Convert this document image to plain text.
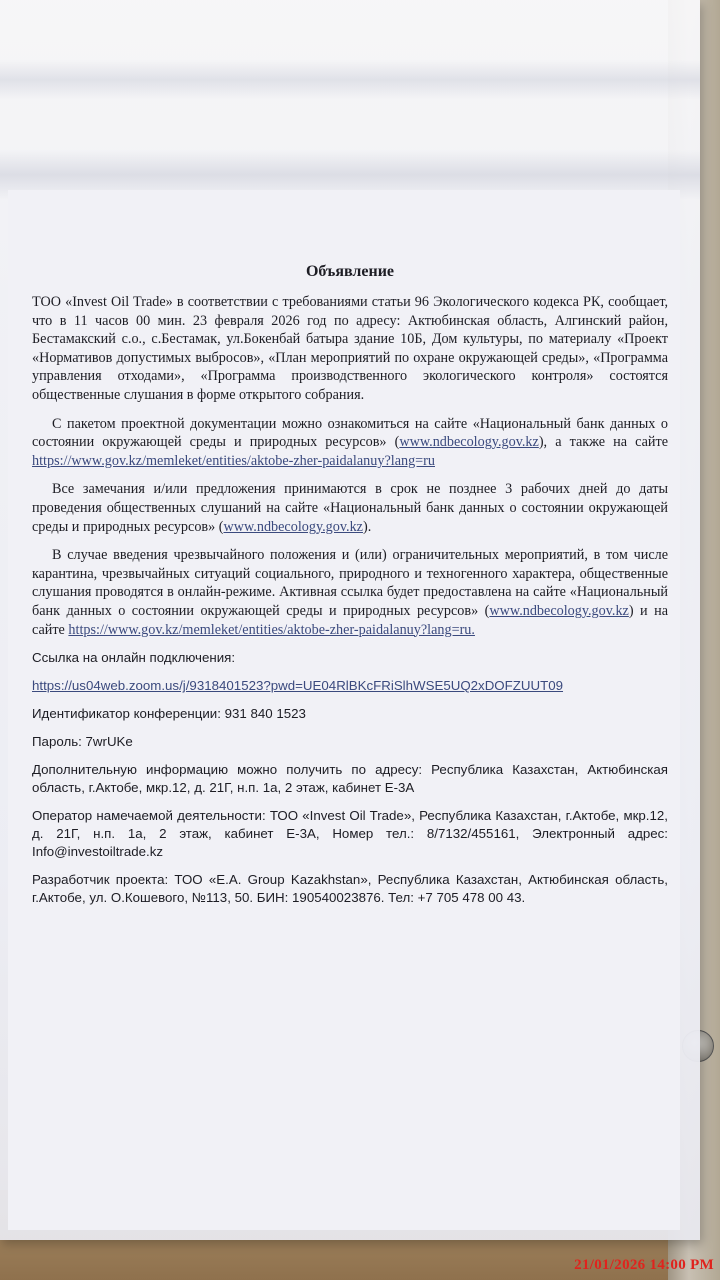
Объявление

ТОО «Invest Oil Trade» в соответствии с требованиями статьи 96 Экологического кодекса РК, сообщает, что в 11 часов 00 мин. 23 февраля 2026 год по адресу: Актюбинская область, Алгинский район, Бестамакский с.о., с.Бестамак, ул.Бокенбай батыра здание 10Б, Дом культуры, по материалу «Проект «Нормативов допустимых выбросов», «План мероприятий по охране окружающей среды», «Программа управления отходами», «Программа производственного экологического контроля» состоятся общественные слушания в форме открытого собрания.

С пакетом проектной документации можно ознакомиться на сайте «Национальный банк данных о состоянии окружающей среды и природных ресурсов» (www.ndbecology.gov.kz), а также на сайте https://www.gov.kz/memleket/entities/aktobe-zher-paidalanuy?lang=ru

Все замечания и/или предложения принимаются в срок не позднее 3 рабочих дней до даты проведения общественных слушаний на сайте «Национальный банк данных о состоянии окружающей среды и природных ресурсов» (www.ndbecology.gov.kz).

В случае введения чрезвычайного положения и (или) ограничительных мероприятий, в том числе карантина, чрезвычайных ситуаций социального, природного и техногенного характера, общественные слушания проводятся в онлайн-режиме. Активная ссылка будет предоставлена на сайте «Национальный банк данных о состоянии окружающей среды и природных ресурсов» (www.ndbecology.gov.kz) и на сайте https://www.gov.kz/memleket/entities/aktobe-zher-paidalanuy?lang=ru.

Ссылка на онлайн подключения:

https://us04web.zoom.us/j/9318401523?pwd=UE04RlBKcFRiSlhWSE5UQ2xDOFZUUT09

Идентификатор конференции: 931 840 1523

Пароль: 7wrUKe

Дополнительную информацию можно получить по адресу: Республика Казахстан, Актюбинская область, г.Актобе, мкр.12, д. 21Г, н.п. 1а, 2 этаж, кабинет Е-3А

Оператор намечаемой деятельности: ТОО «Invest Oil Trade», Республика Казахстан, г.Актобе, мкр.12, д. 21Г, н.п. 1а, 2 этаж, кабинет Е-3А, Номер тел.: 8/7132/455161, Электронный адрес: Info@investoiltrade.kz

Разработчик проекта: ТОО «E.A. Group Kazakhstan», Республика Казахстан, Актюбинская область, г.Актобе, ул. О.Кошевого, №113, 50. БИН: 190540023876. Тел: +7 705 478 00 43.

21/01/2026 14:00 PM
